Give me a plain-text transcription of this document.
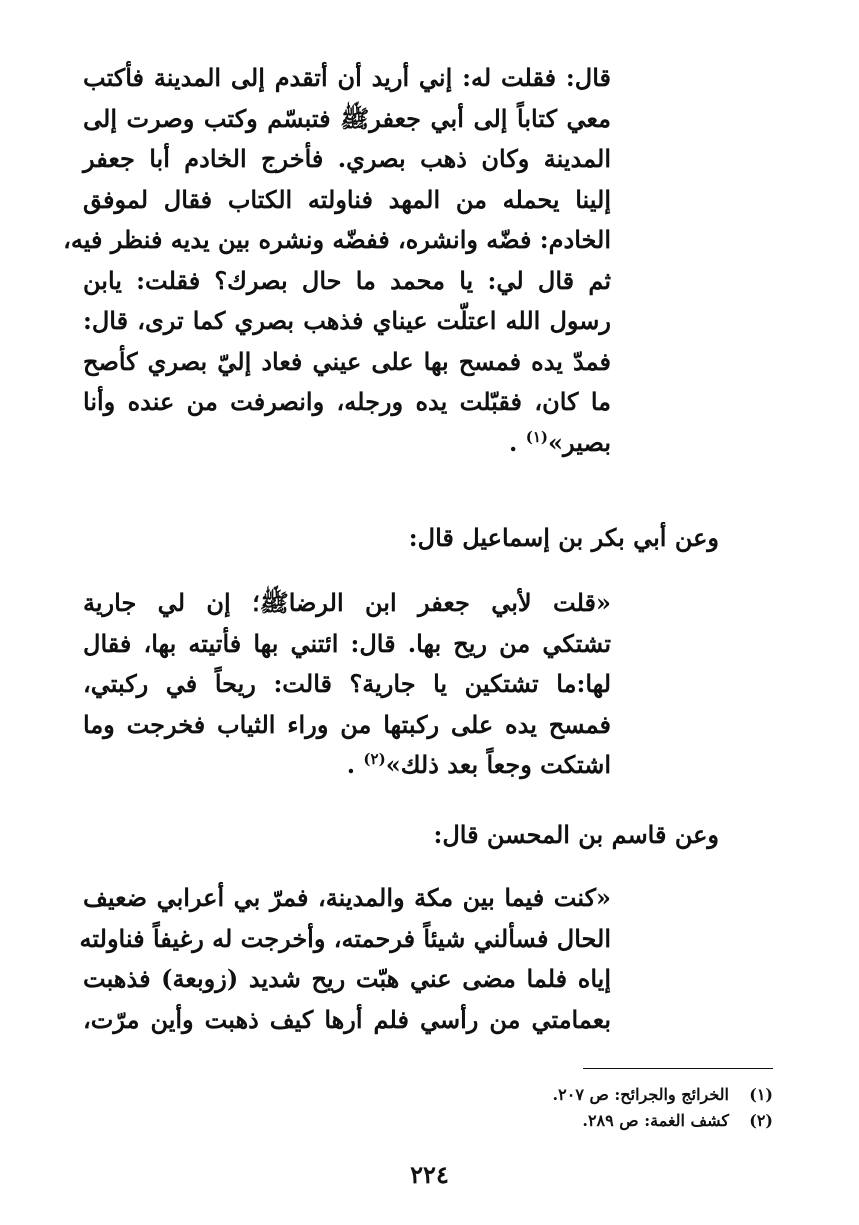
قال: فقلت له: إني أريد أن أتقدم إلى المدينة فأكتب
معي كتاباً إلى أبي جعفرﷺ فتبسّم وكتب وصرت إلى
المدينة وكان ذهب بصري. فأخرج الخادم أبا جعفر
إلينا يحمله من المهد فناولته الكتاب فقال لموفق
الخادم: فضّه وانشره، ففضّه ونشره بين يديه فنظر فيه،
ثم قال لي: يا محمد ما حال بصرك؟ فقلت: يابن
رسول الله اعتلّت عيناي فذهب بصري كما ترى، قال:
فمدّ يده فمسح بها على عيني فعاد إليّ بصري كأصح
ما كان، فقبّلت يده ورجله، وانصرفت من عنده وأنا
بصير»$^{(١)}$ .

وعن أبي بكر بن إسماعيل قال:

«قلت لأبي جعفر ابن الرضاﷺ؛ إن لي جارية
تشتكي من ريح بها. قال: ائتني بها فأتيته بها، فقال
لها:ما تشتكين يا جارية؟ قالت: ريحاً في ركبتي،
فمسح يده على ركبتها من وراء الثياب فخرجت وما
اشتكت وجعاً بعد ذلك»$^{(٢)}$ .

وعن قاسم بن المحسن قال:

«كنت فيما بين مكة والمدينة، فمرّ بي أعرابي ضعيف
الحال فسألني شيئاً فرحمته، وأخرجت له رغيفاً فناولته
إياه فلما مضى عني هبّت ريح شديد (زوبعة) فذهبت
بعمامتي من رأسي فلم أرها كيف ذهبت وأين مرّت،
(١)الخرائج والجرائح: ص ٢٠٧.
(٢)كشف الغمة: ص ٢٨٩.
٢٢٤
